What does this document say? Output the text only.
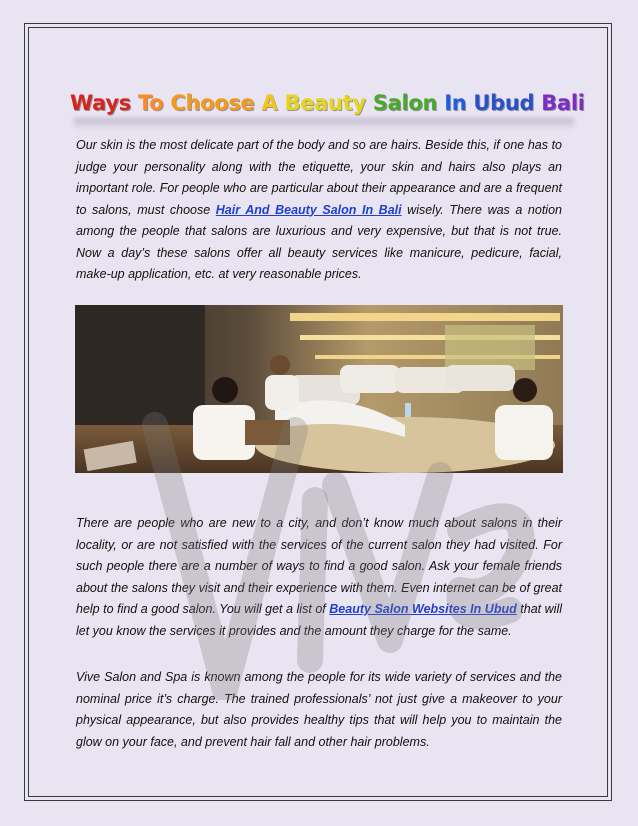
Ways To Choose A Beauty Salon In Ubud Bali
Our skin is the most delicate part of the body and so are hairs. Beside this, if one has to judge your personality along with the etiquette, your skin and hairs also plays an important role. For people who are particular about their appearance and are a frequent to salons, must choose Hair And Beauty Salon In Bali wisely. There was a notion among the people that salons are luxurious and very expensive, but that is not true. Now a day’s these salons offer all beauty services like manicure, pedicure, facial, make-up application, etc. at very reasonable prices.
There are people who are new to a city, and don’t know much about salons in their locality, or are not satisfied with the services of the current salon they had visited. For such people there are a number of ways to find a good salon. Ask your female friends about the salons they visit and their experience with them. Even internet can be of great help to find a good salon. You will get a list of Beauty Salon Websites In Ubud that will let you know the services it provides and the amount they charge for the same.
Vive Salon and Spa is known among the people for its wide variety of services and the nominal price it’s charge. The trained professionals’ not just give a makeover to your physical appearance, but also provides healthy tips that will help you to maintain the glow on your face, and prevent hair fall and other hair problems.
Vive Bali
